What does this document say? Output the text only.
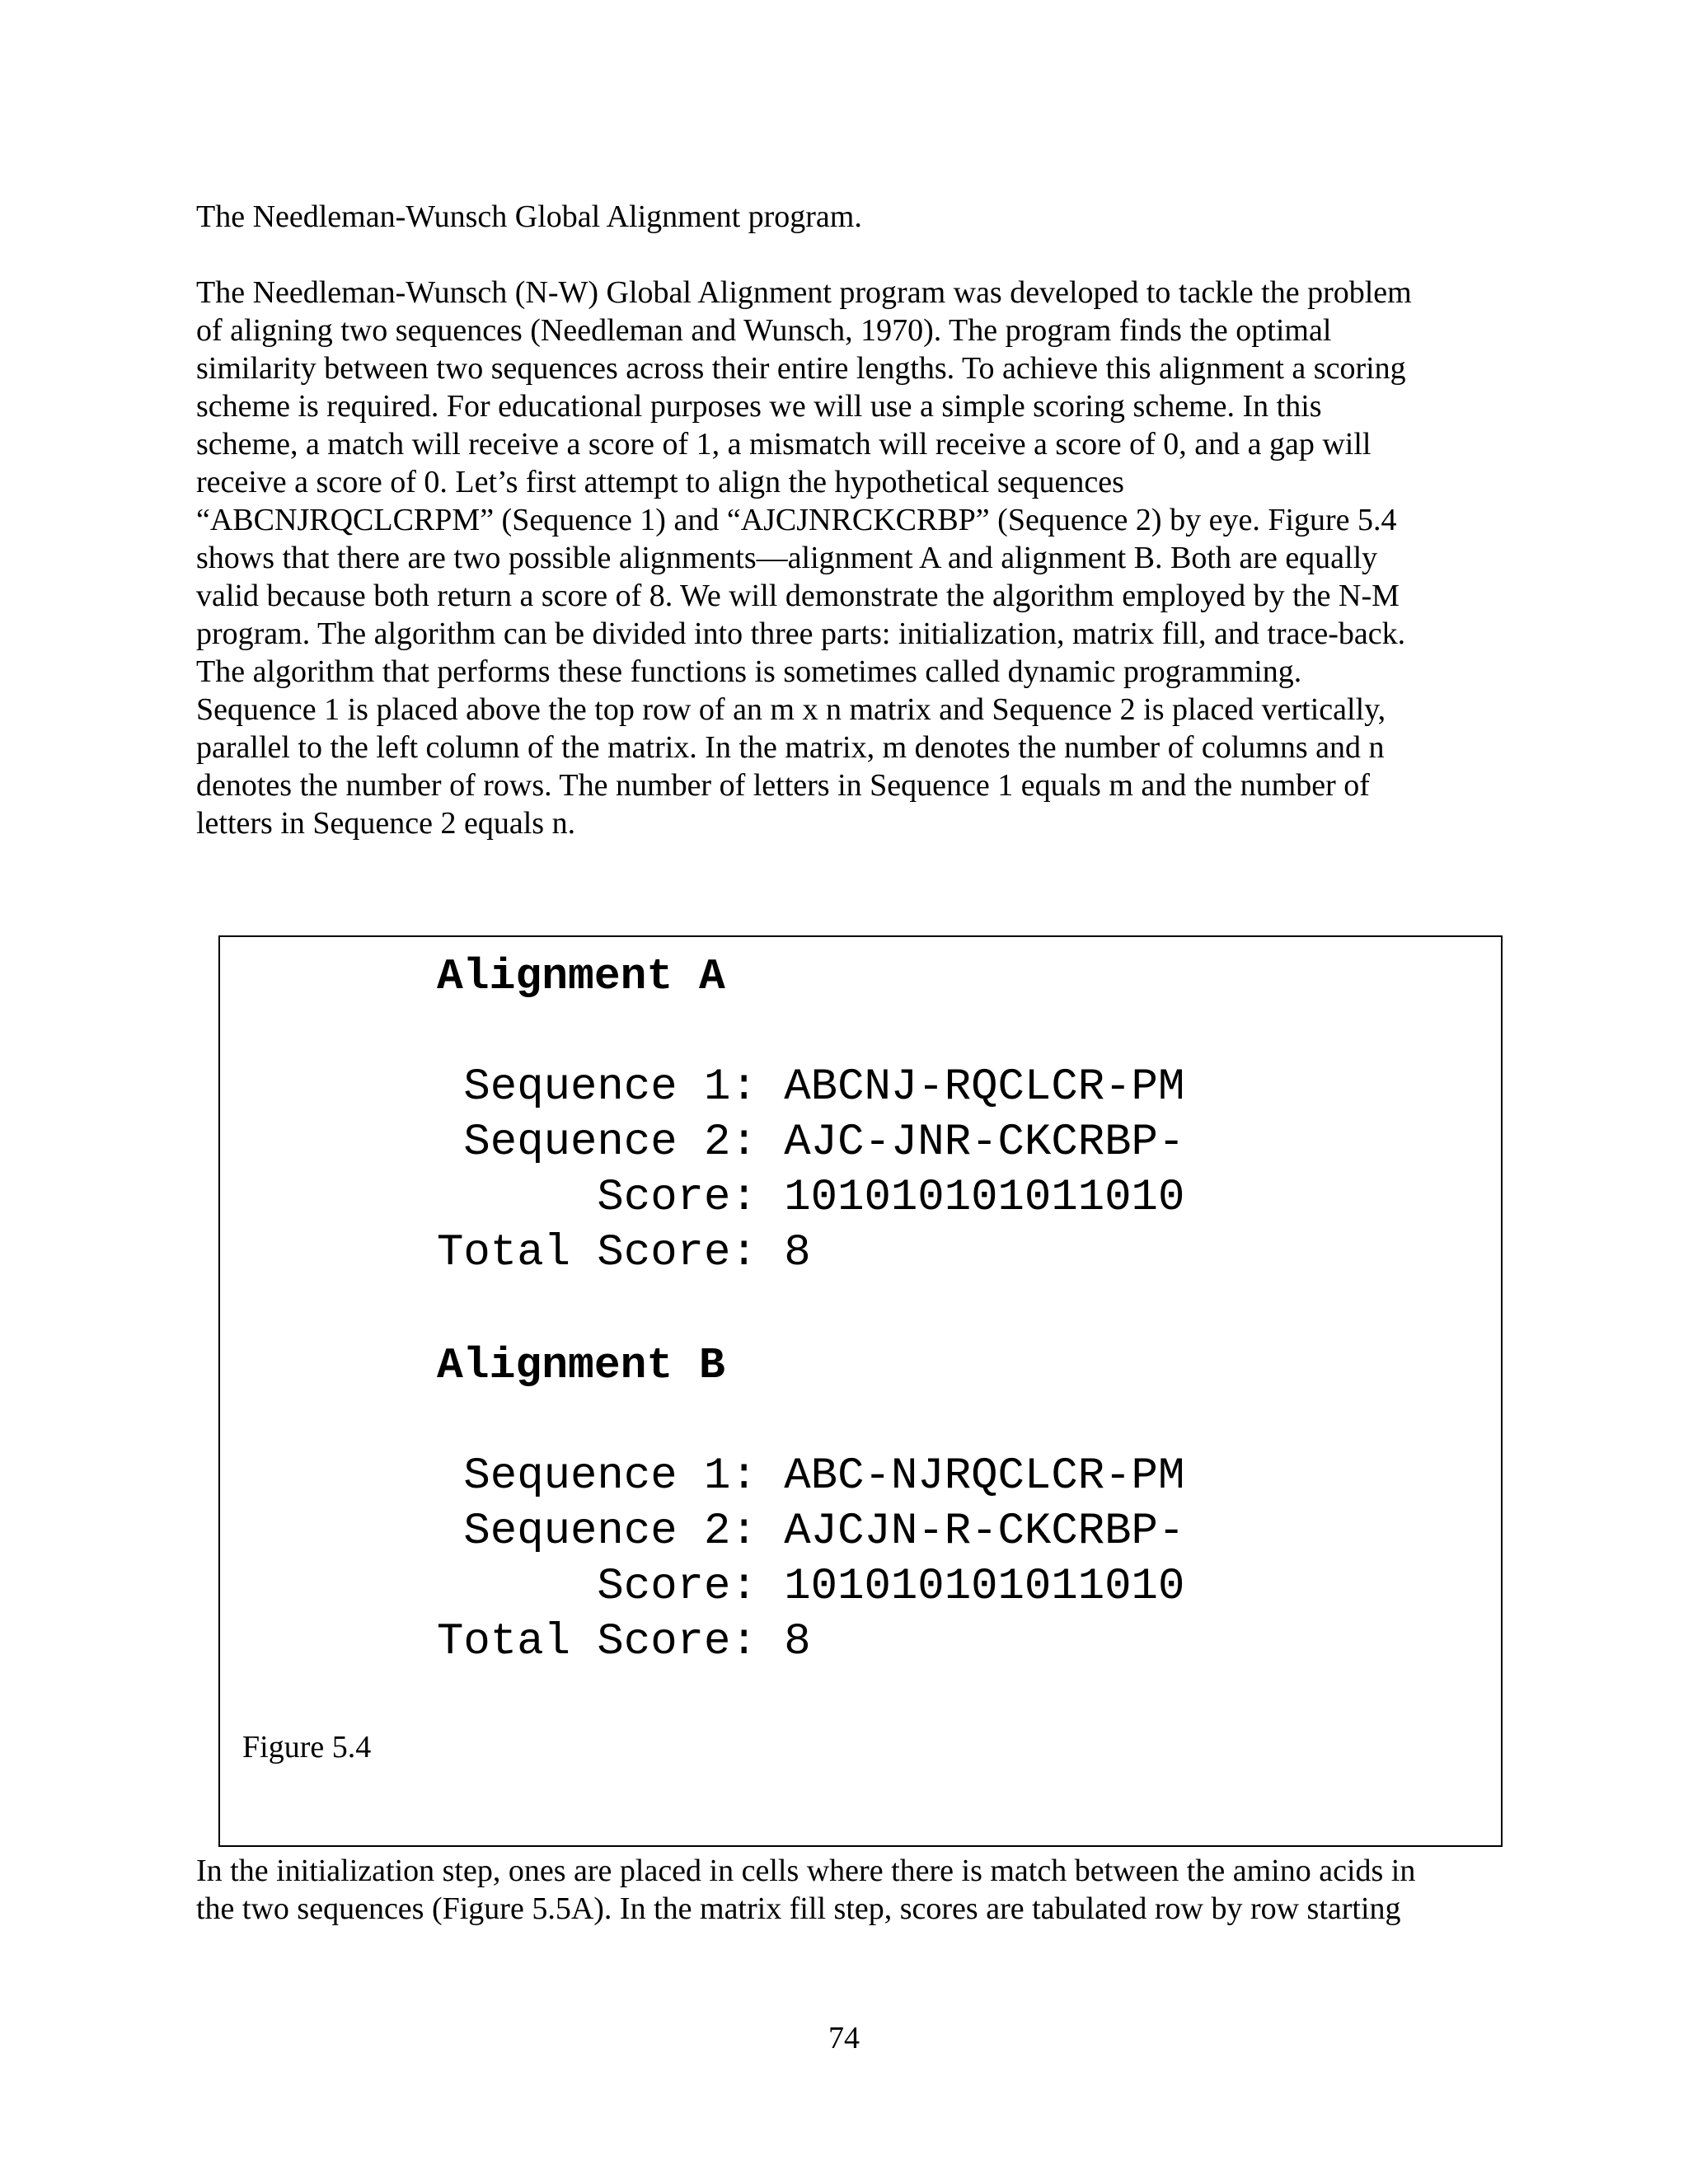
The Needleman-Wunsch Global Alignment program.

The Needleman-Wunsch (N-W) Global Alignment program was developed to tackle the problem

of aligning two sequences (Needleman and Wunsch, 1970). The program finds the optimal

similarity between two sequences across their entire lengths. To achieve this alignment a scoring

scheme is required. For educational purposes we will use a simple scoring scheme. In this

scheme, a match will receive a score of 1, a mismatch will receive a score of 0, and a gap will

receive a score of 0. Let’s first attempt to align the hypothetical sequences

“ABCNJRQCLCRPM” (Sequence 1) and “AJCJNRCKCRBP” (Sequence 2) by eye. Figure 5.4

shows that there are two possible alignments—alignment A and alignment B. Both are equally

valid because both return a score of 8. We will demonstrate the algorithm employed by the N-M

program. The algorithm can be divided into three parts: initialization, matrix fill, and trace-back.

The algorithm that performs these functions is sometimes called dynamic programming.

Sequence 1 is placed above the top row of an m x n matrix and Sequence 2 is placed vertically,

parallel to the left column of the matrix. In the matrix, m denotes the number of columns and n

denotes the number of rows. The number of letters in Sequence 1 equals m and the number of

letters in Sequence 2 equals n.

Alignment A
Sequence 1: ABCNJ-RQCLCR-PM
Sequence 2: AJC-JNR-CKCRBP-
Score: 101010101011010
Total Score: 8
Alignment B
Sequence 1: ABC-NJRQCLCR-PM
Sequence 2: AJCJN-R-CKCRBP-
Score: 101010101011010
Total Score: 8
Figure 5.4

In the initialization step, ones are placed in cells where there is match between the amino acids in

the two sequences (Figure 5.5A). In the matrix fill step, scores are tabulated row by row starting

74
